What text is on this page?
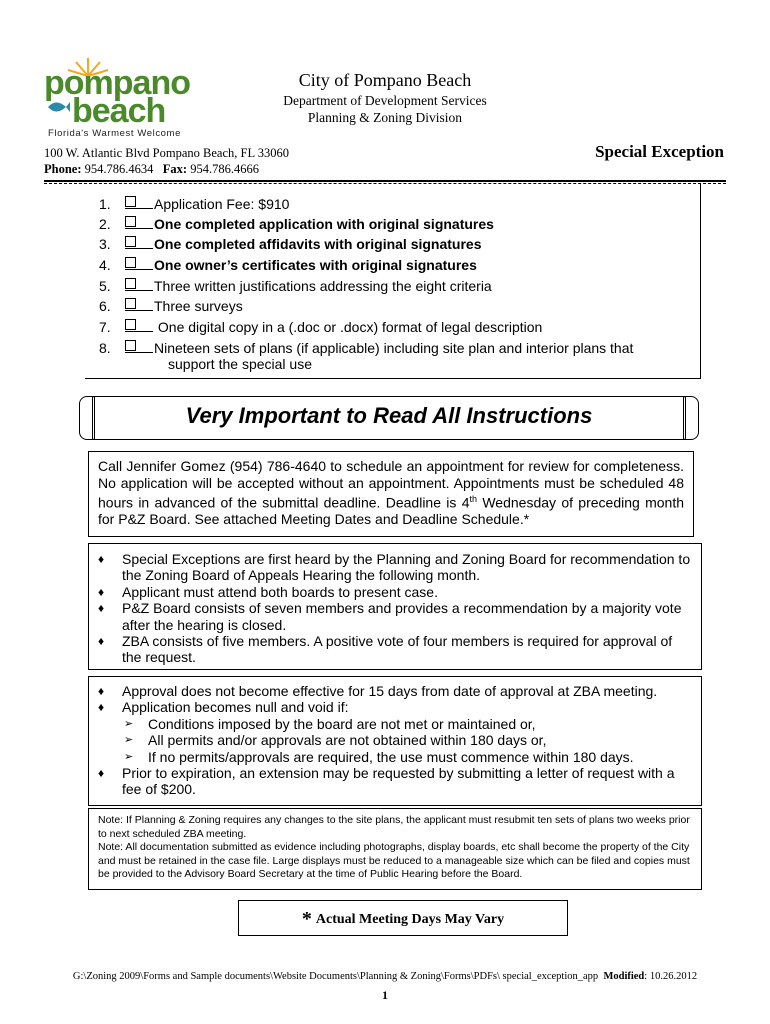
pompano
beach
Florida's Warmest Welcome
City of Pompano Beach
Department of Development Services
Planning & Zoning Division
100 W. Atlantic Blvd Pompano Beach, FL 33060
Phone: 954.786.4634 Fax: 954.786.4666
Special Exception
1.	Application Fee: $910
2.	One completed application with original signatures
3.	One completed affidavits with original signatures
4.	One owner’s certificates with original signatures
5.	Three written justifications addressing the eight criteria
6.	Three surveys
7.	One digital copy in a (.doc or .docx) format of legal description
8.	Nineteen sets of plans (if applicable) including site plan and interior plans that
support the special use
Very Important to Read All Instructions
Call Jennifer Gomez (954) 786-4640 to schedule an appointment for review for completeness. No application will be accepted without an appointment. Appointments must be scheduled 48 hours in advanced of the submittal deadline. Deadline is 4th Wednesday of preceding month for P&Z Board. See attached Meeting Dates and Deadline Schedule.*
♦ Special Exceptions are first heard by the Planning and Zoning Board for recommendation to the Zoning Board of Appeals Hearing the following month.
♦ Applicant must attend both boards to present case.
♦ P&Z Board consists of seven members and provides a recommendation by a majority vote after the hearing is closed.
♦ ZBA consists of five members. A positive vote of four members is required for approval of the request.
♦ Approval does not become effective for 15 days from date of approval at ZBA meeting.
♦ Application becomes null and void if:
➢ Conditions imposed by the board are not met or maintained or,
➢ All permits and/or approvals are not obtained within 180 days or,
➢ If no permits/approvals are required, the use must commence within 180 days.
♦ Prior to expiration, an extension may be requested by submitting a letter of request with a fee of $200.
Note: If Planning & Zoning requires any changes to the site plans, the applicant must resubmit ten sets of plans two weeks prior to next scheduled ZBA meeting.
Note: All documentation submitted as evidence including photographs, display boards, etc shall become the property of the City and must be retained in the case file. Large displays must be reduced to a manageable size which can be filed and copies must be provided to the Advisory Board Secretary at the time of Public Hearing before the Board.
* Actual Meeting Days May Vary
G:\Zoning 2009\Forms and Sample documents\Website Documents\Planning & Zoning\Forms\PDFs\ special_exception_app Modified: 10.26.2012
1
